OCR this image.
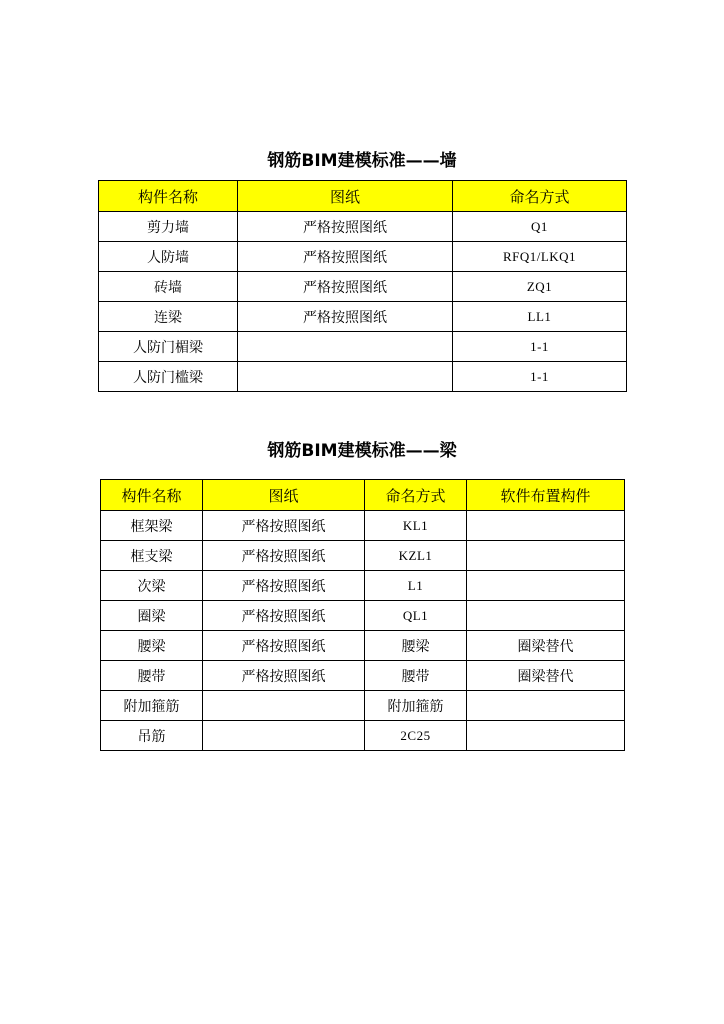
钢筋BIM建模标准——墙
构件名称	图纸	命名方式
剪力墙	严格按照图纸	Q1
人防墙	严格按照图纸	RFQ1/LKQ1
砖墙	严格按照图纸	ZQ1
连梁	严格按照图纸	LL1
人防门楣梁		1-1
人防门槛梁		1-1
钢筋BIM建模标准——梁
构件名称	图纸	命名方式	软件布置构件
框架梁	严格按照图纸	KL1	
框支梁	严格按照图纸	KZL1	
次梁	严格按照图纸	L1	
圈梁	严格按照图纸	QL1	
腰梁	严格按照图纸	腰梁	圈梁替代
腰带	严格按照图纸	腰带	圈梁替代
附加箍筋		附加箍筋	
吊筋		2C25	
